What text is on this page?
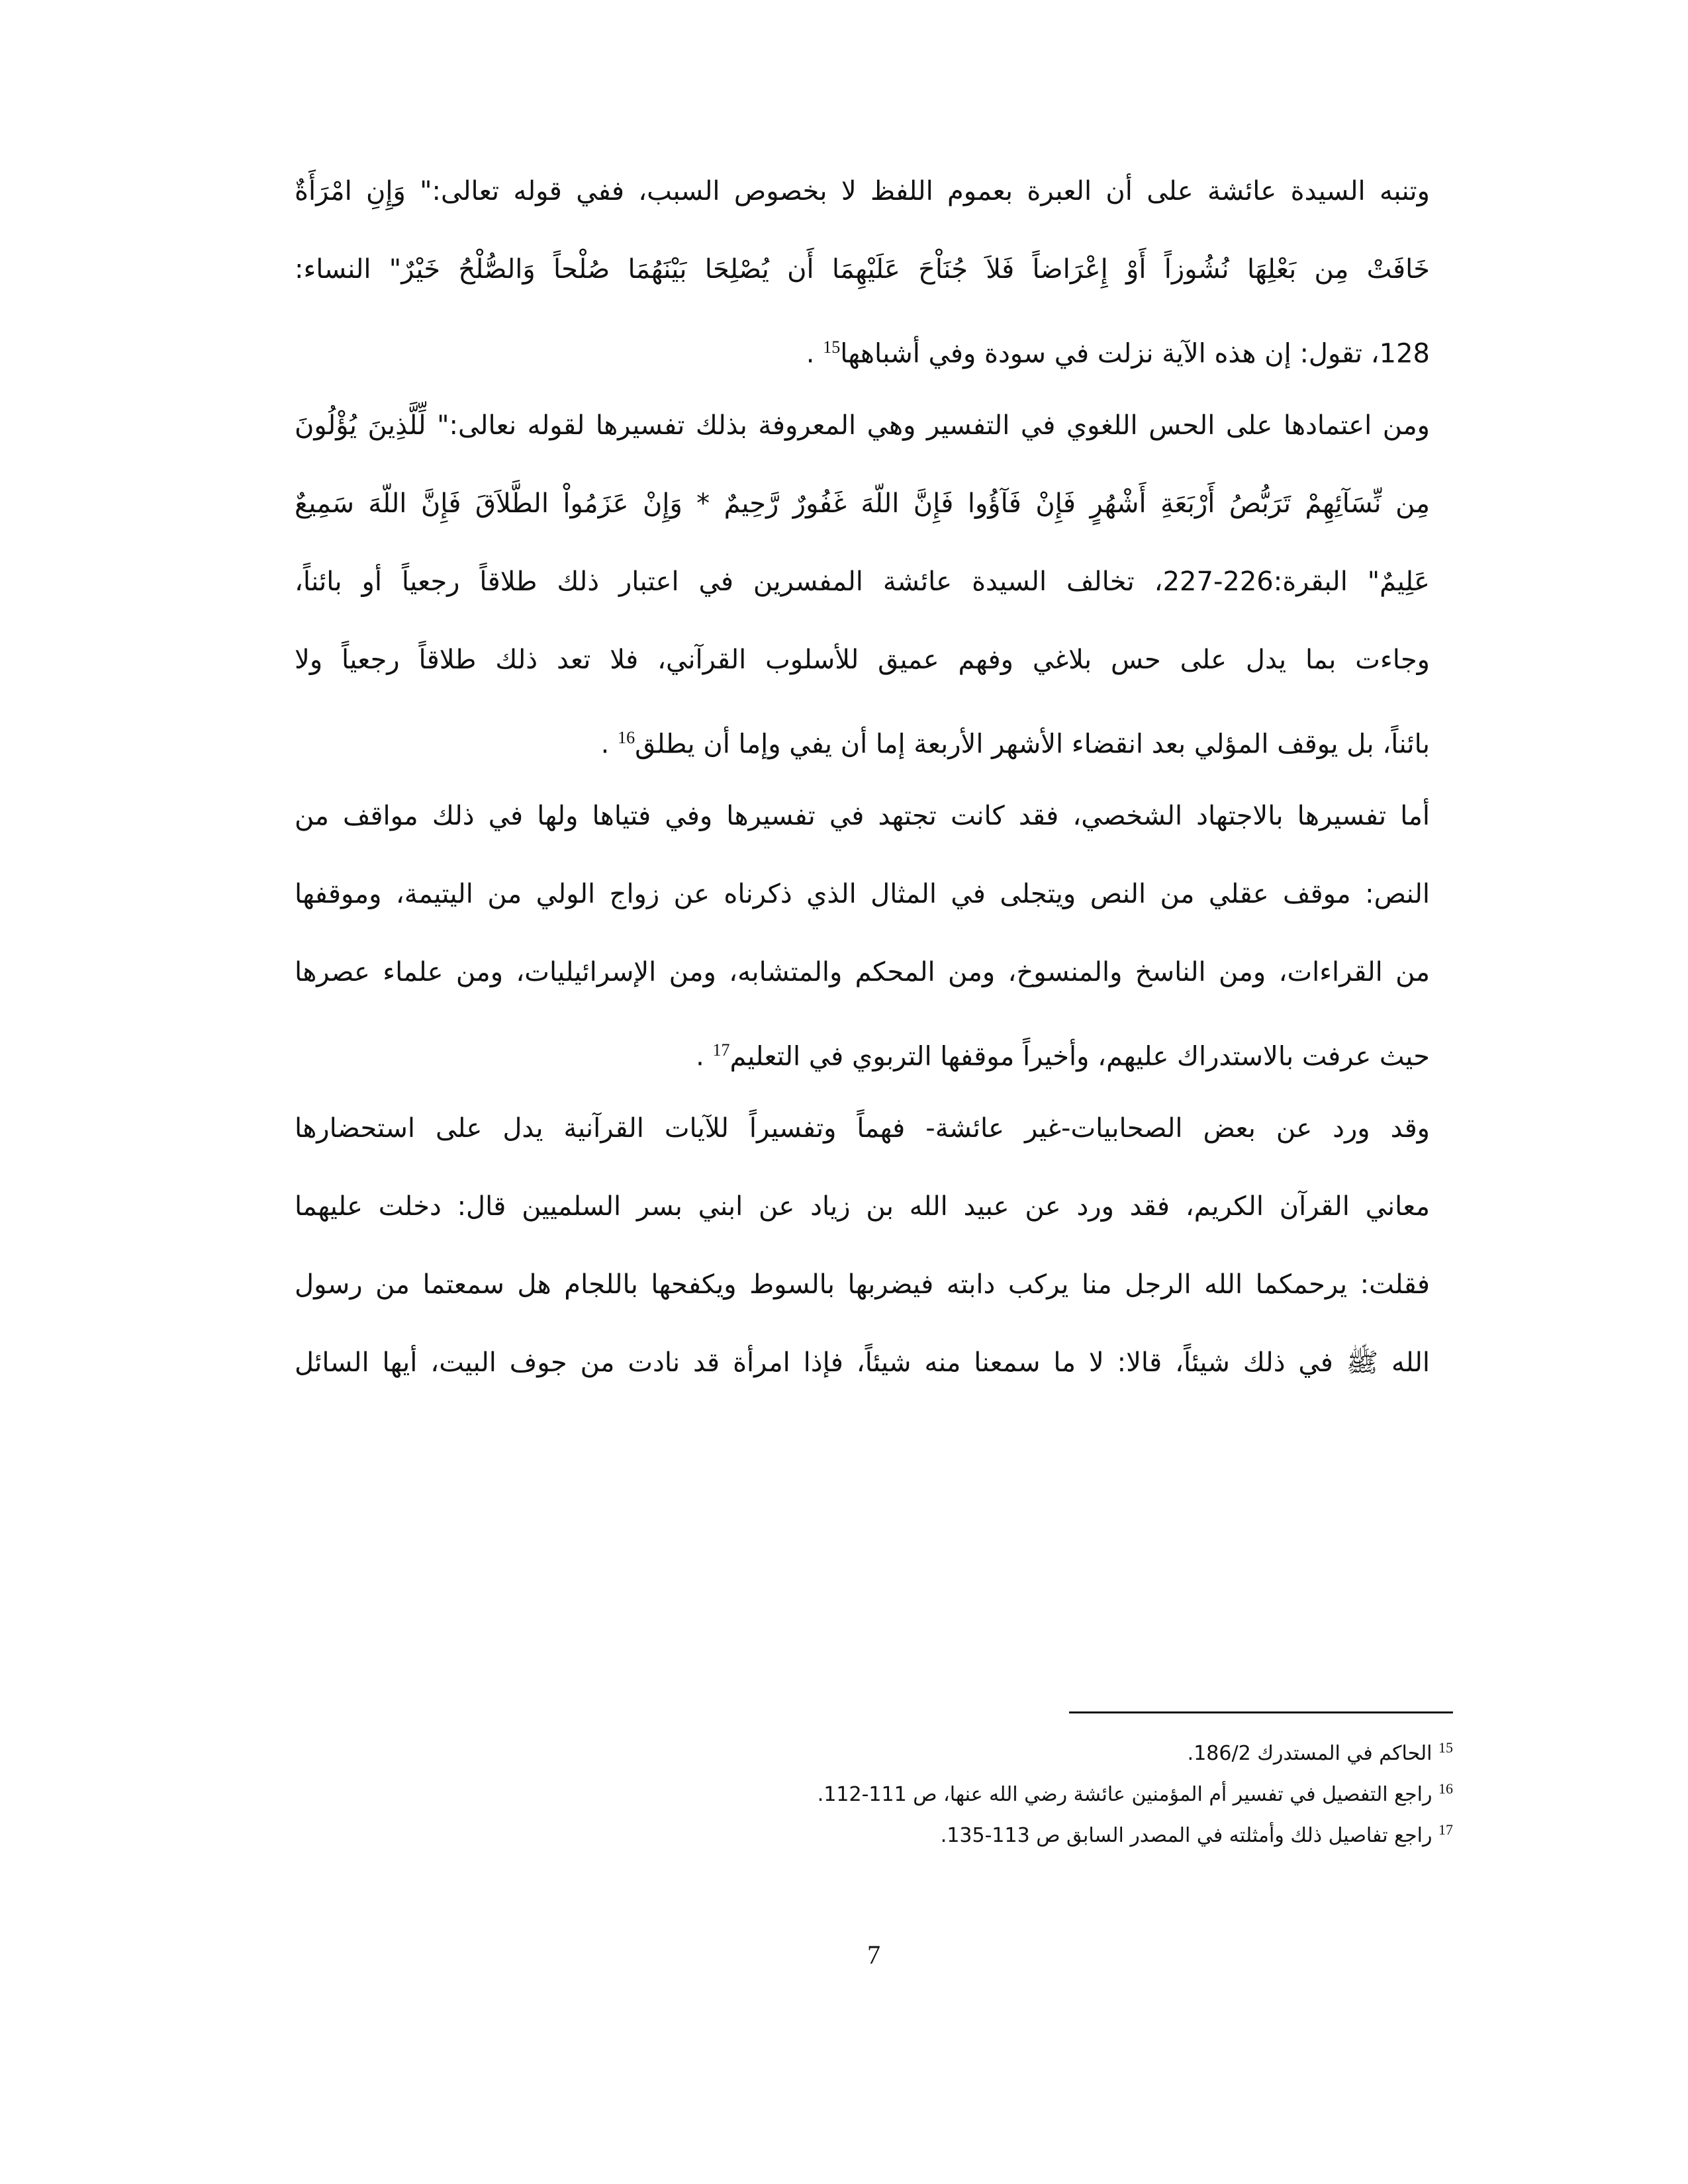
وتنبه السيدة عائشة على أن العبرة بعموم اللفظ لا بخصوص السبب، ففي قوله تعالى:" وَإِنِ امْرَأَةٌ
خَافَتْ مِن بَعْلِهَا نُشُوزاً أَوْ إِعْرَاضاً فَلاَ جُنَاْحَ عَلَيْهِمَا أَن يُصْلِحَا بَيْنَهُمَا صُلْحاً وَالصُّلْحُ خَيْرٌ" النساء:
128، تقول: إن هذه الآية نزلت في سودة وفي أشباهها$^{15}$ .
ومن اعتمادها على الحس اللغوي في التفسير وهي المعروفة بذلك تفسيرها لقوله نعالى:" لِّلَّذِينَ يُؤْلُونَ
مِن نِّسَآئِهِمْ تَرَبُّصُ أَرْبَعَةِ أَشْهُرٍ فَإِنْ فَآؤُوا فَإِنَّ اللّهَ غَفُورٌ رَّحِيمٌ * وَإِنْ عَزَمُواْ الطَّلاَقَ فَإِنَّ اللّهَ سَمِيعٌ
عَلِيمٌ" البقرة:226-227، تخالف السيدة عائشة المفسرين في اعتبار ذلك طلاقاً رجعياً أو بائناً،
وجاءت بما يدل على حس بلاغي وفهم عميق للأسلوب القرآني، فلا تعد ذلك طلاقاً رجعياً ولا
بائناً، بل يوقف المؤلي بعد انقضاء الأشهر الأربعة إما أن يفي وإما أن يطلق$^{16}$ .
أما تفسيرها بالاجتهاد الشخصي، فقد كانت تجتهد في تفسيرها وفي فتياها ولها في ذلك مواقف من
النص: موقف عقلي من النص ويتجلى في المثال الذي ذكرناه عن زواج الولي من اليتيمة، وموقفها
من القراءات، ومن الناسخ والمنسوخ، ومن المحكم والمتشابه، ومن الإسرائيليات، ومن علماء عصرها
حيث عرفت بالاستدراك عليهم، وأخيراً موقفها التربوي في التعليم$^{17}$ .
وقد ورد عن بعض الصحابيات-غير عائشة- فهماً وتفسيراً للآيات القرآنية يدل على استحضارها
معاني القرآن الكريم، فقد ورد عن عبيد الله بن زياد عن ابني بسر السلميين قال: دخلت عليهما
فقلت: يرحمكما الله الرجل منا يركب دابته فيضربها بالسوط ويكفحها باللجام هل سمعتما من رسول
الله ﷺ في ذلك شيئاً، قالا: لا ما سمعنا منه شيئاً، فإذا امرأة قد نادت من جوف البيت، أيها السائل
$^{15}$ الحاكم في المستدرك 186/2.
$^{16}$ راجع التفصيل في تفسير أم المؤمنين عائشة رضي الله عنها، ص 111-112.
$^{17}$ راجع تفاصيل ذلك وأمثلته في المصدر السابق ص 113-135.
7
